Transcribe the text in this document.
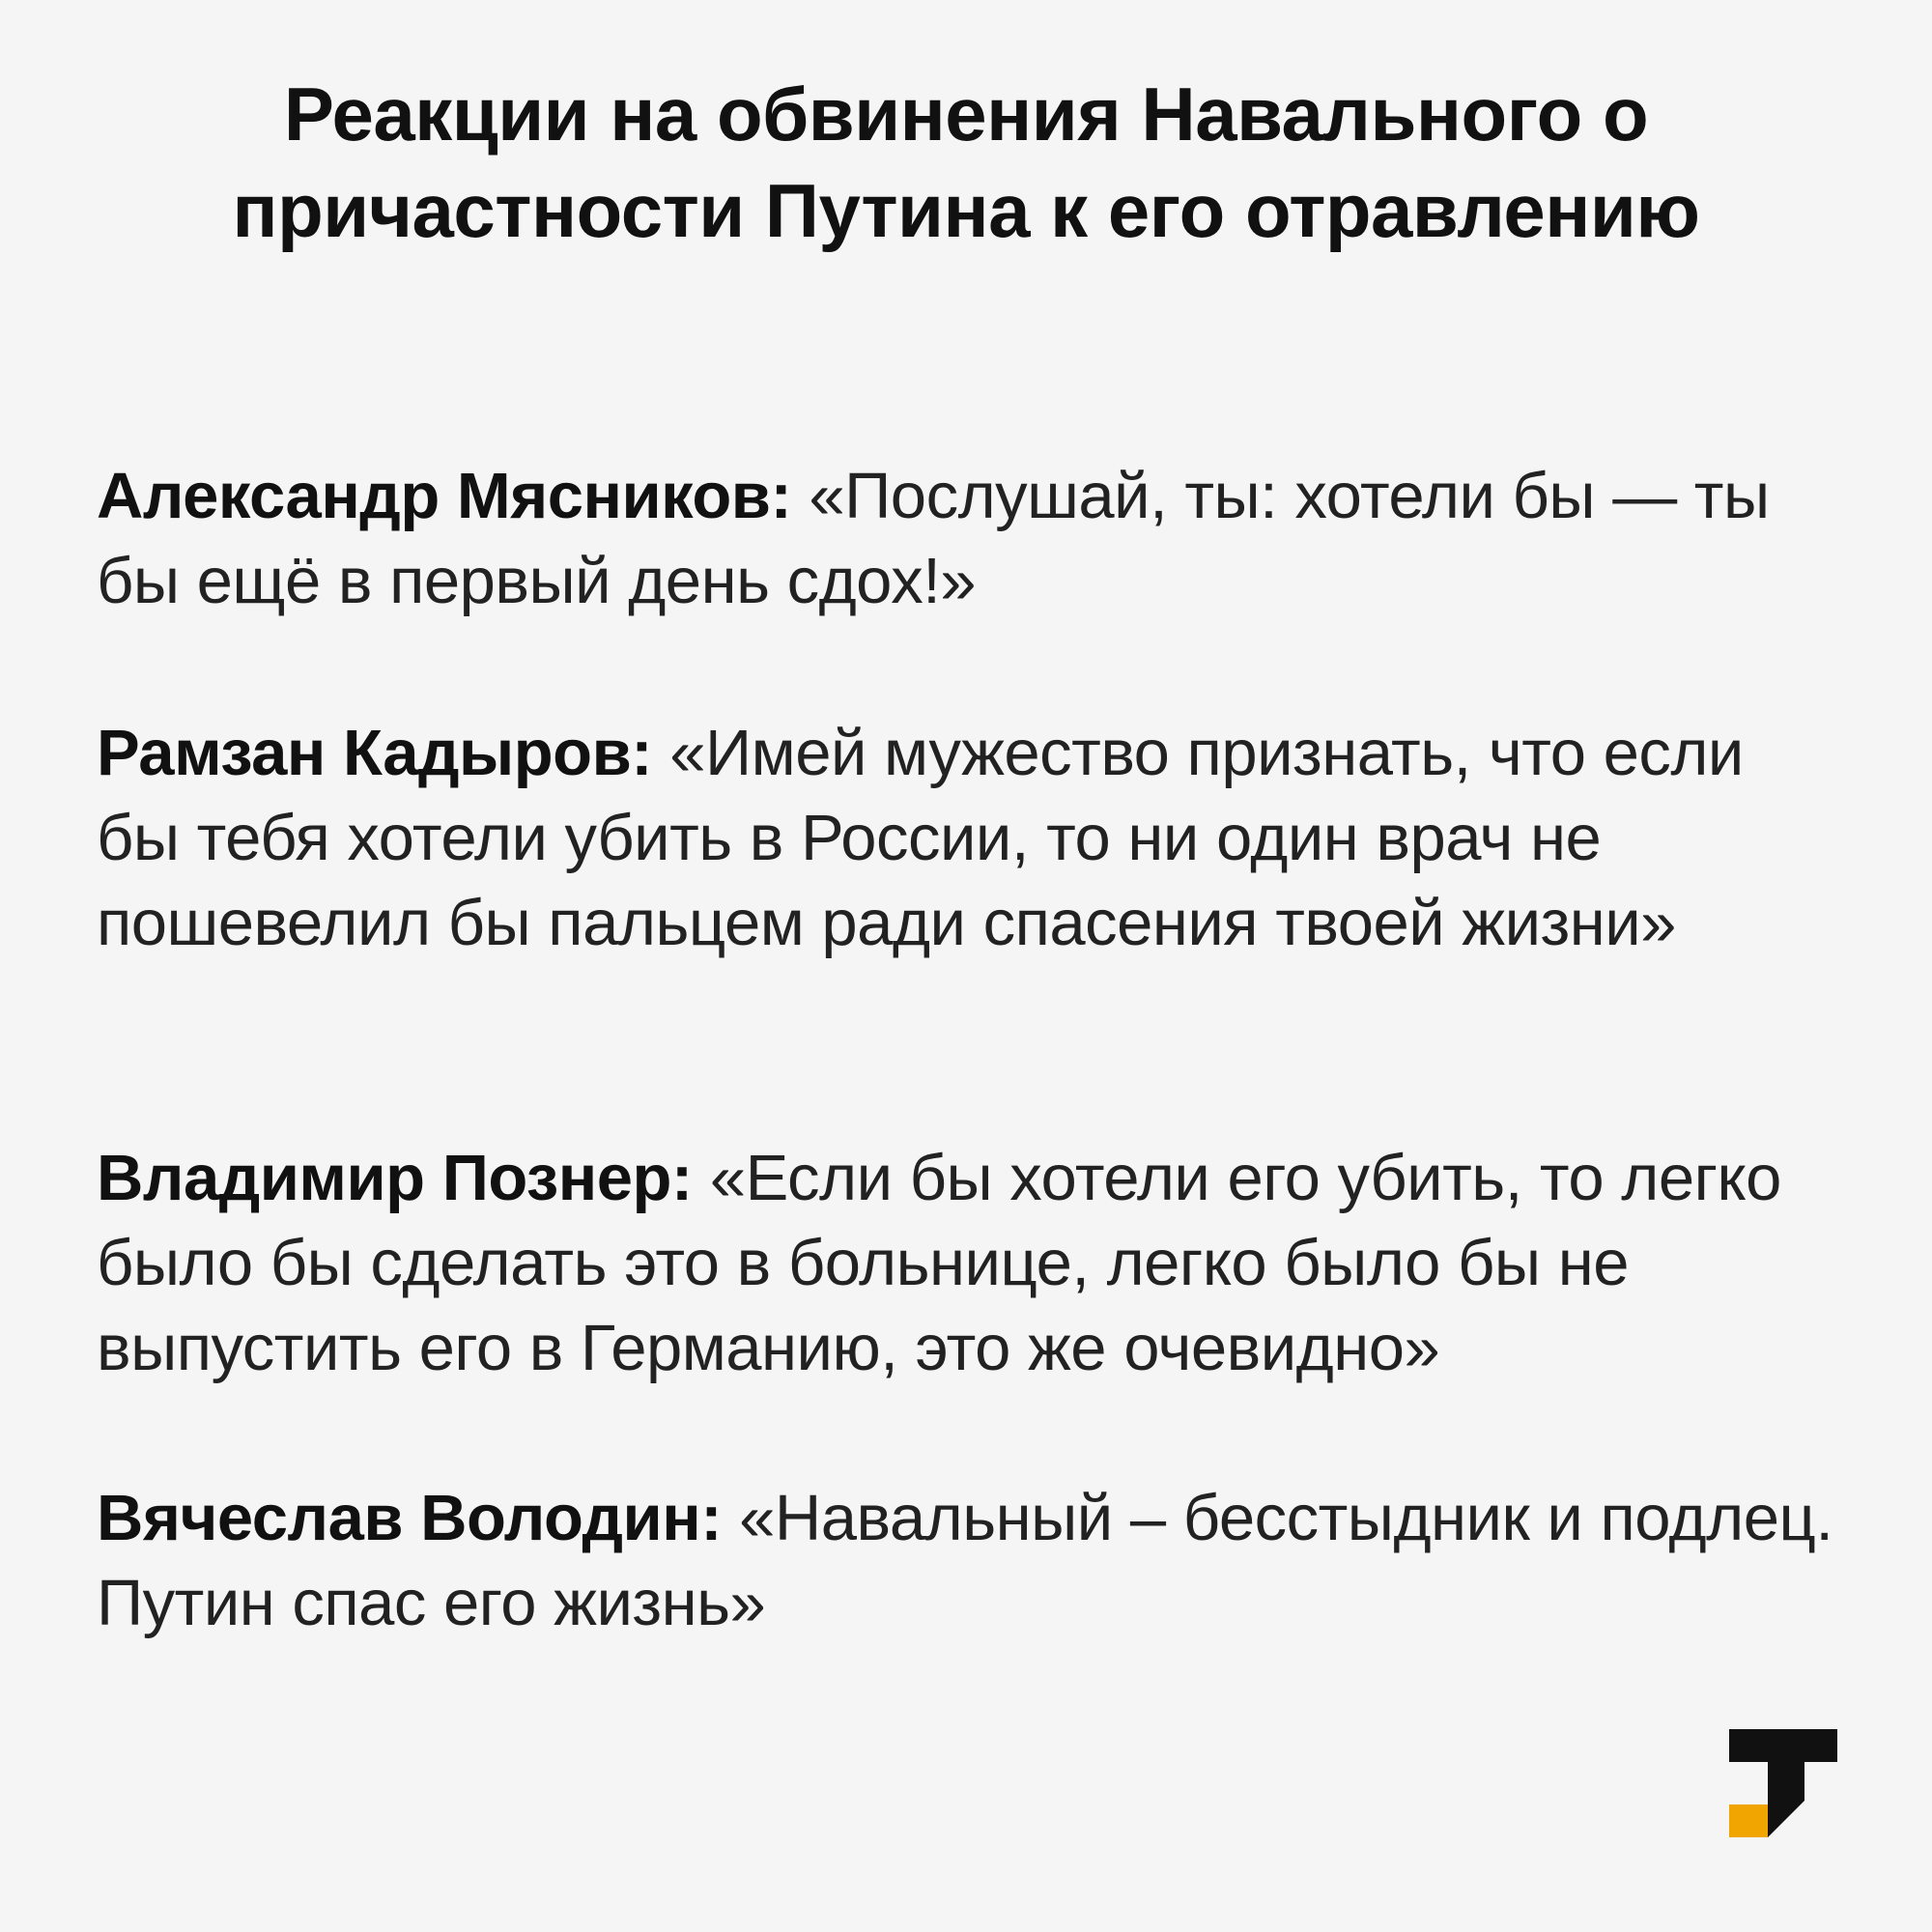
Реакции на обвинения Навального о причастности Путина к его отравлению

Александр Мясников: «Послушай, ты: хотели бы — ты бы ещё в первый день сдох!»

Рамзан Кадыров: «Имей мужество признать, что если бы тебя хотели убить в России, то ни один врач не пошевелил бы пальцем ради спасения твоей жизни»

Владимир Познер: «Если бы хотели его убить, то легко было бы сделать это в больнице, легко было бы не выпустить его в Германию, это же очевидно»

Вячеслав Володин: «Навальный – бесстыдник и подлец. Путин спас его жизнь»
